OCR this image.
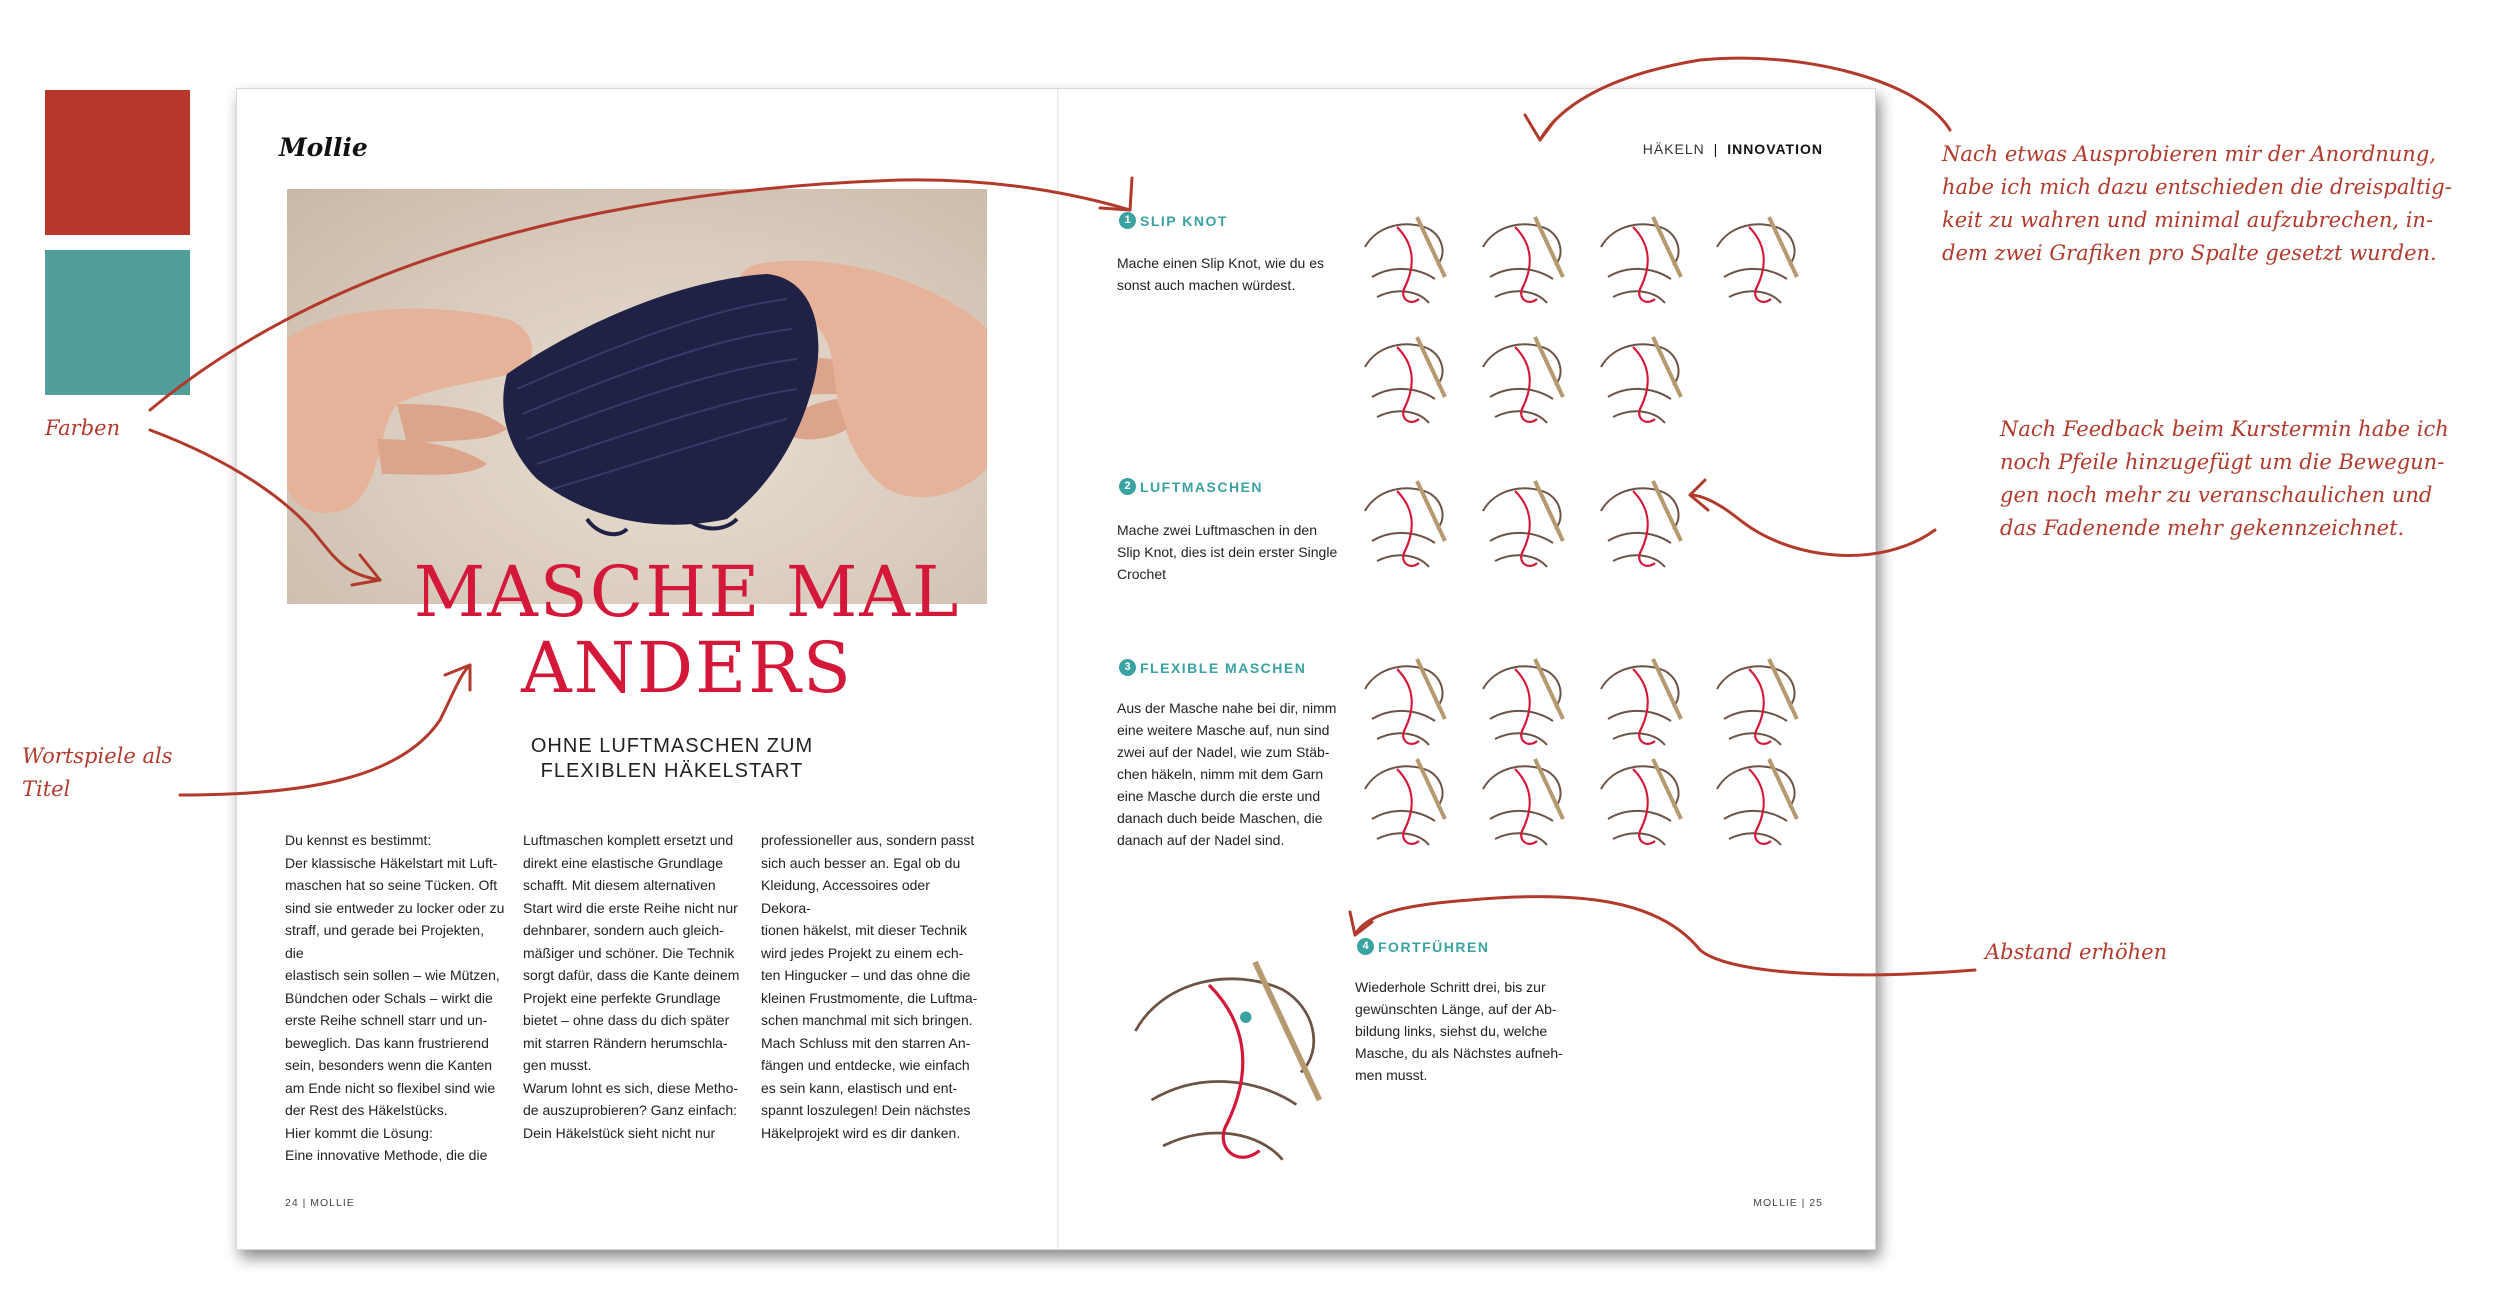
Farben
Wortspiele als
Titel
Nach etwas Ausprobieren mir der Anordnung,
habe ich mich dazu entschieden die dreispaltig-
keit zu wahren und minimal aufzubrechen, in-
dem zwei Grafiken pro Spalte gesetzt wurden.
Nach Feedback beim Kurstermin habe ich
noch Pfeile hinzugefügt um die Bewegun-
gen noch mehr zu veranschaulichen und
das Fadenende mehr gekennzeichnet.
Abstand erhöhen
Mollie	HÄKELN | INNOVATION
MASCHE MAL
ANDERS
OHNE LUFTMASCHEN ZUM
FLEXIBLEN HÄKELSTART

Du kennst es bestimmt:

Der klassische Häkelstart mit Luft-

maschen hat so seine Tücken. Oft

sind sie entweder zu locker oder zu

straff, und gerade bei Projekten, die

elastisch sein sollen – wie Mützen,

Bündchen oder Schals – wirkt die

erste Reihe schnell starr und un-

beweglich. Das kann frustrierend

sein, besonders wenn die Kanten

am Ende nicht so flexibel sind wie

der Rest des Häkelstücks.

Hier kommt die Lösung:

Eine innovative Methode, die die

Luftmaschen komplett ersetzt und

direkt eine elastische Grundlage

schafft. Mit diesem alternativen

Start wird die erste Reihe nicht nur

dehnbarer, sondern auch gleich-

mäßiger und schöner. Die Technik

sorgt dafür, dass die Kante deinem

Projekt eine perfekte Grundlage

bietet – ohne dass du dich später

mit starren Rändern herumschla-

gen musst.

Warum lohnt es sich, diese Metho-

de auszuprobieren? Ganz einfach:

Dein Häkelstück sieht nicht nur

professioneller aus, sondern passt

sich auch besser an. Egal ob du

Kleidung, Accessoires oder Dekora-

tionen häkelst, mit dieser Technik

wird jedes Projekt zu einem ech-

ten Hingucker – und das ohne die

kleinen Frustmomente, die Luftma-

schen manchmal mit sich bringen.

Mach Schluss mit den starren An-

fängen und entdecke, wie einfach

es sein kann, elastisch und ent-

spannt loszulegen! Dein nächstes

Häkelprojekt wird es dir danken.

24 | MOLLIE	MOLLIE | 25
1 SLIP KNOT
Mache einen Slip Knot, wie du es
sonst auch machen würdest.
2 LUFTMASCHEN
Mache zwei Luftmaschen in den
Slip Knot, dies ist dein erster Single
Crochet
3 FLEXIBLE MASCHEN
Aus der Masche nahe bei dir, nimm
eine weitere Masche auf, nun sind
zwei auf der Nadel, wie zum Stäb-
chen häkeln, nimm mit dem Garn
eine Masche durch die erste und
danach duch beide Maschen, die
danach auf der Nadel sind.
4 FORTFÜHREN
Wiederhole Schritt drei, bis zur
gewünschten Länge, auf der Ab-
bildung links, siehst du, welche
Masche, du als Nächstes aufneh-
men musst.
